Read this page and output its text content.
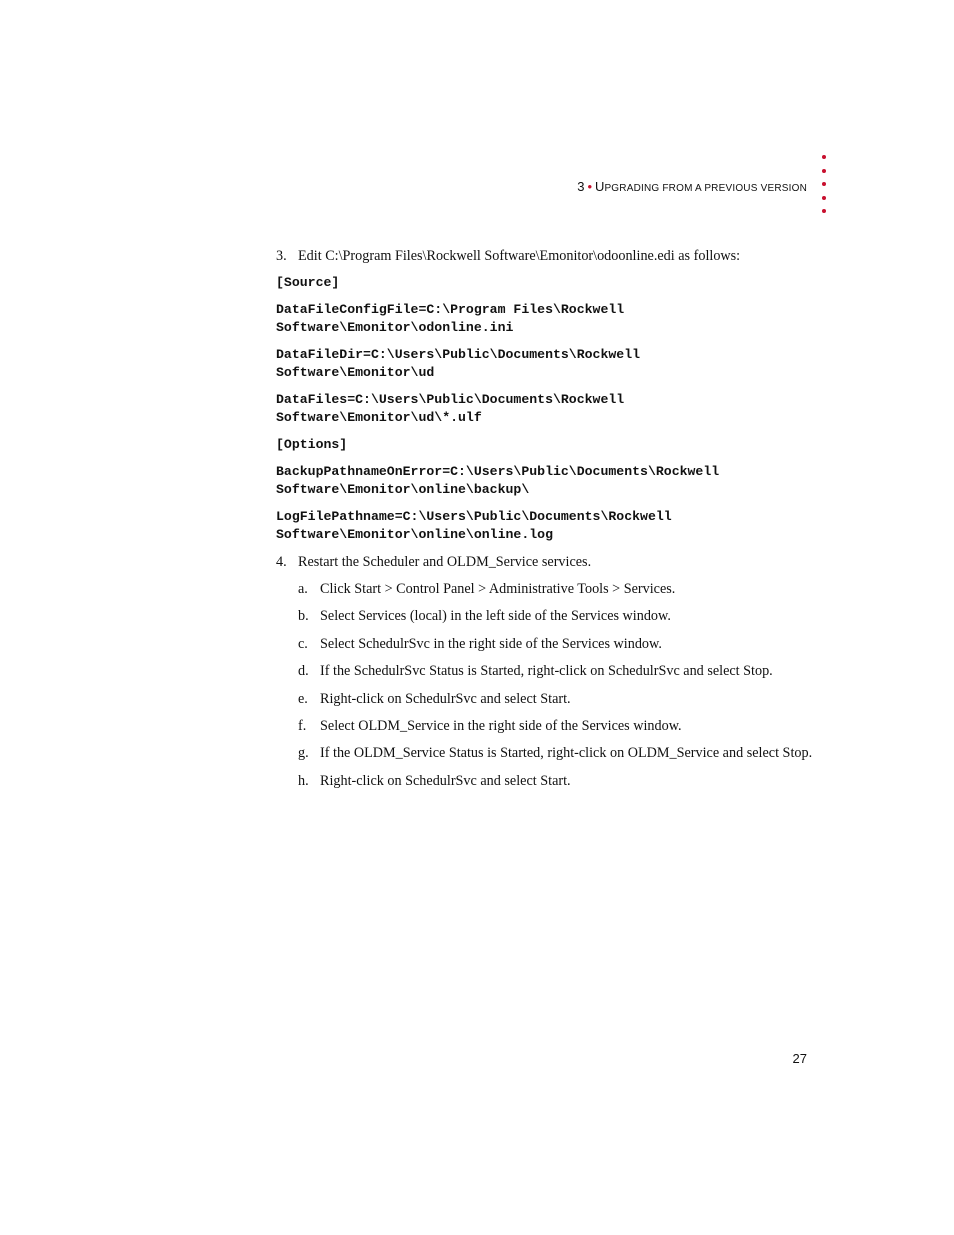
3 • UPGRADING FROM A PREVIOUS VERSION
3. Edit C:\Program Files\Rockwell Software\Emonitor\odoonline.edi as follows:
[Source]
DataFileConfigFile=C:\Program Files\Rockwell
Software\Emonitor\odonline.ini
DataFileDir=C:\Users\Public\Documents\Rockwell
Software\Emonitor\ud
DataFiles=C:\Users\Public\Documents\Rockwell
Software\Emonitor\ud\*.ulf
[Options]
BackupPathnameOnError=C:\Users\Public\Documents\Rockwell
Software\Emonitor\online\backup\
LogFilePathname=C:\Users\Public\Documents\Rockwell
Software\Emonitor\online\online.log
4. Restart the Scheduler and OLDM_Service services.
a. Click Start > Control Panel > Administrative Tools > Services.
b. Select Services (local) in the left side of the Services window.
c. Select SchedulrSvc in the right side of the Services window.
d. If the SchedulrSvc Status is Started, right-click on SchedulrSvc and select Stop.
e. Right-click on SchedulrSvc and select Start.
f. Select OLDM_Service in the right side of the Services window.
g. If the OLDM_Service Status is Started, right-click on OLDM_Service and select Stop.
h. Right-click on SchedulrSvc and select Start.
27
